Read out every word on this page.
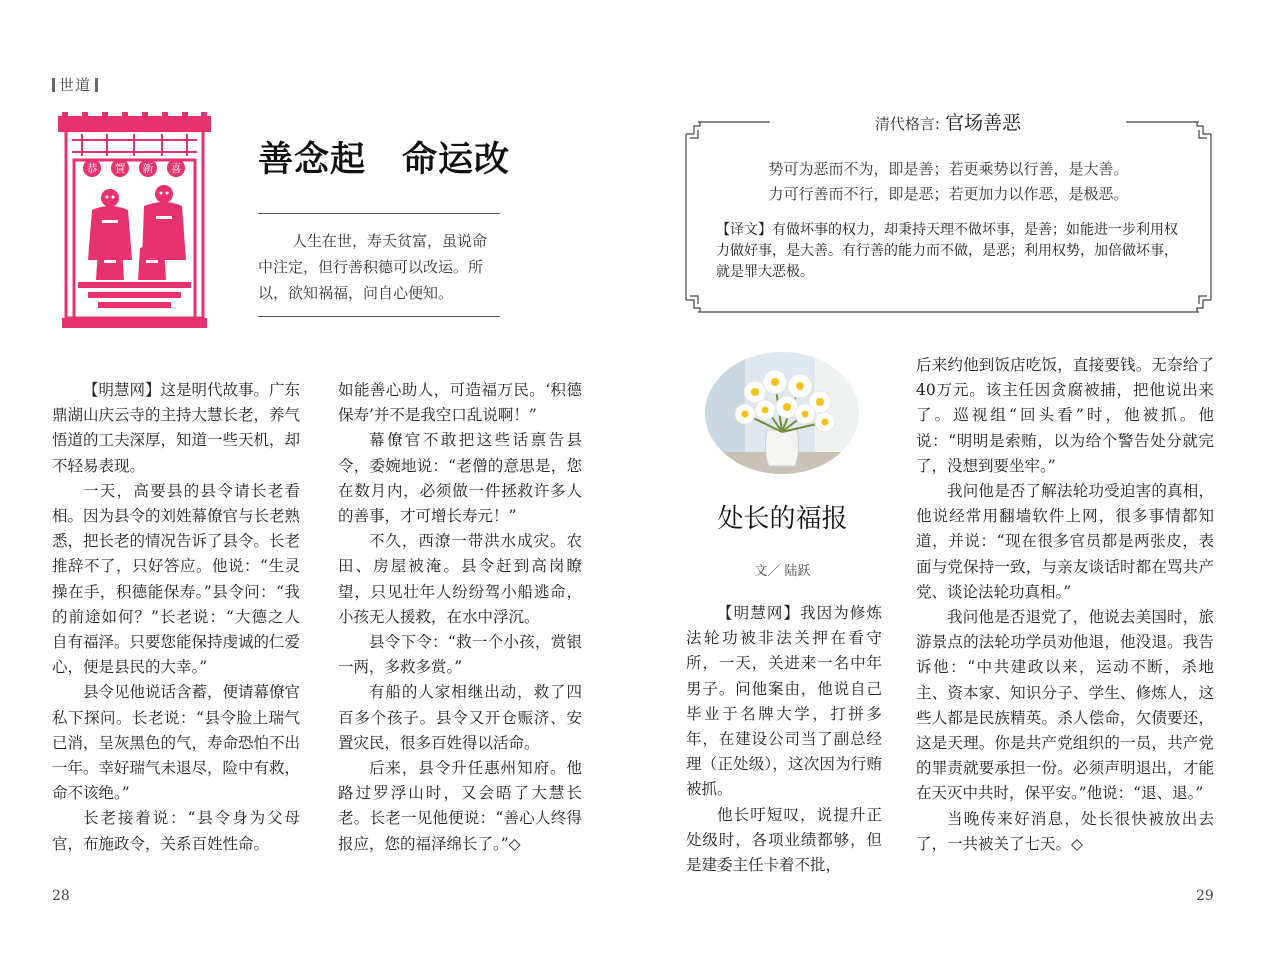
世道
恭 賀 新 喜 善念起　命运改
人生在世，寿夭贫富，虽说命中注定，但行善积德可以改运。所以，欲知祸福，问自心便知。

【明慧网】这是明代故事。广东鼎湖山庆云寺的主持大慧长老，养气悟道的工夫深厚，知道一些天机，却不轻易表现。

一天，高要县的县令请长老看相。因为县令的刘姓幕僚官与长老熟悉，把长老的情况告诉了县令。长老推辞不了，只好答应。他说：“生灵操在手，积德能保寿。”县令问：“我的前途如何？”长老说：“大德之人自有福泽。只要您能保持虔诚的仁爱心，便是县民的大幸。”

县令见他说话含蓄，便请幕僚官私下探问。长老说：“县令脸上瑞气已消，呈灰黑色的气，寿命恐怕不出一年。幸好瑞气未退尽，险中有救，命不该绝。”

长老接着说：“县令身为父母官，布施政令，关系百姓性命。

如能善心助人，可造福万民。‘积德保寿’并不是我空口乱说啊！”

幕僚官不敢把这些话禀告县令，委婉地说：“老僧的意思是，您在数月内，必须做一件拯救许多人的善事，才可增长寿元！”

不久，西潦一带洪水成灾。农田、房屋被淹。县令赶到高岗瞭望，只见壮年人纷纷驾小船逃命，小孩无人援救，在水中浮沉。

县令下令：“救一个小孩，赏银一两，多救多赏。”

有船的人家相继出动，救了四百多个孩子。县令又开仓赈济、安置灾民，很多百姓得以活命。

后来，县令升任惠州知府。他路过罗浮山时，又会晤了大慧长老。长老一见他便说：“善心人终得报应，您的福泽绵长了。”◇

28
清代格言: 官场善恶
势可为恶而不为，即是善；若更乘势以行善，是大善。
力可行善而不行，即是恶；若更加力以作恶，是极恶。
【译文】有做坏事的权力，却秉持天理不做坏事，是善；如能进一步利用权力做好事，是大善。有行善的能力而不做，是恶；利用权势，加倍做坏事，就是罪大恶极。
处长的福报
文／ 陆跃

【明慧网】我因为修炼法轮功被非法关押在看守所，一天，关进来一名中年男子。问他案由，他说自己毕业于名牌大学，打拼多年，在建设公司当了副总经理（正处级），这次因为行贿被抓。

他长吁短叹，说提升正处级时，各项业绩都够，但是建委主任卡着不批，

后来约他到饭店吃饭，直接要钱。无奈给了40万元。该主任因贪腐被捕，把他说出来了。巡视组“回头看”时，他被抓。他说：“明明是索贿，以为给个警告处分就完了，没想到要坐牢。”

我问他是否了解法轮功受迫害的真相，他说经常用翻墙软件上网，很多事情都知道，并说：“现在很多官员都是两张皮，表面与党保持一致，与亲友谈话时都在骂共产党、谈论法轮功真相。”

我问他是否退党了，他说去美国时，旅游景点的法轮功学员劝他退，他没退。我告诉他：“中共建政以来，运动不断，杀地主、资本家、知识分子、学生、修炼人，这些人都是民族精英。杀人偿命，欠债要还，这是天理。你是共产党组织的一员，共产党的罪责就要承担一份。必须声明退出，才能在天灭中共时，保平安。”他说：“退、退。”

当晚传来好消息，处长很快被放出去了，一共被关了七天。◇

29
